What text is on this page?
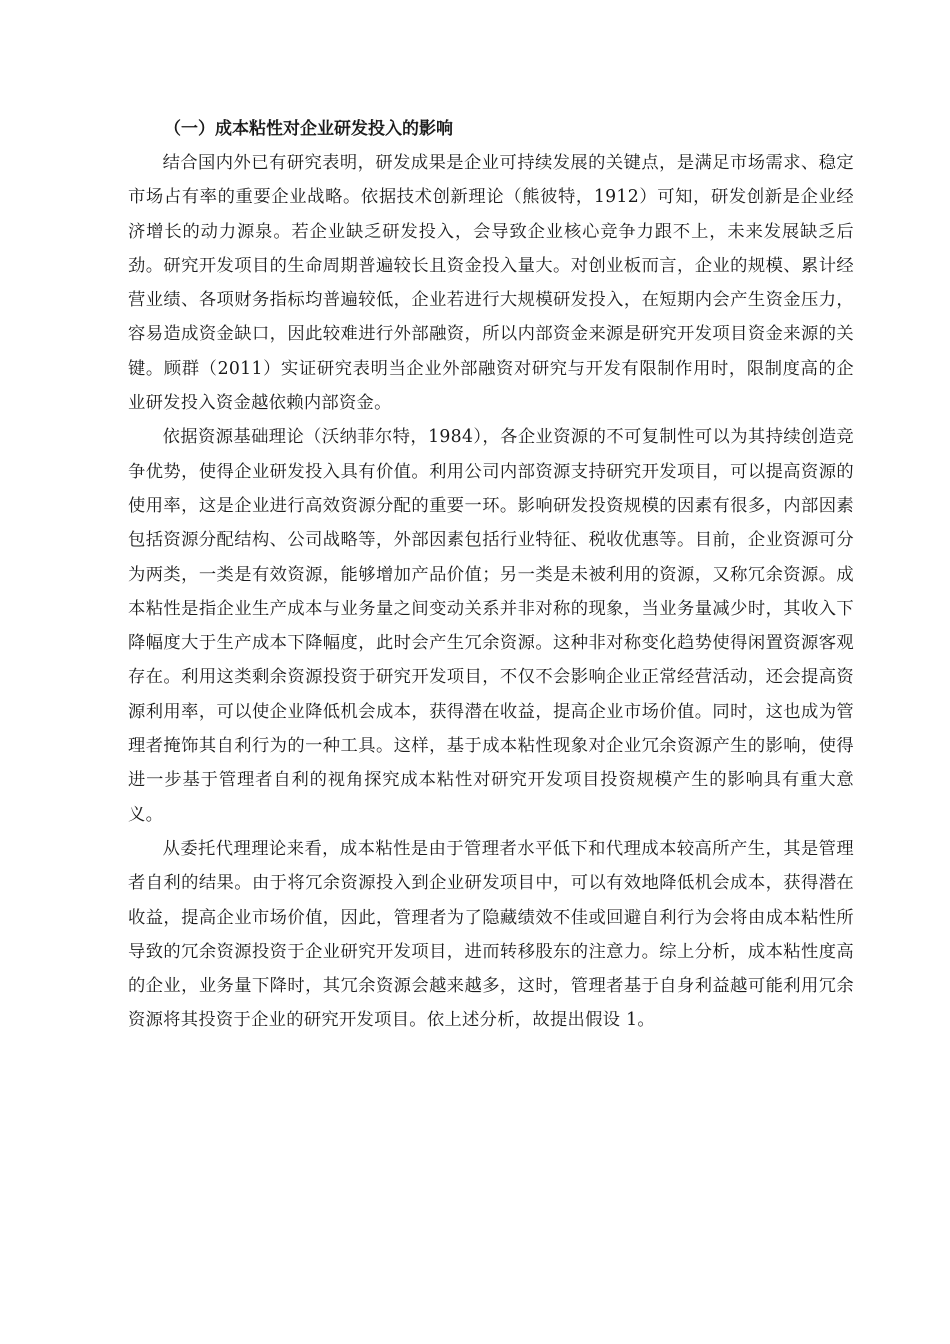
（一）成本粘性对企业研发投入的影响

结合国内外已有研究表明，研发成果是企业可持续发展的关键点，是满足市场需求、稳定市场占有率的重要企业战略。依据技术创新理论（熊彼特，1912）可知，研发创新是企业经济增长的动力源泉。若企业缺乏研发投入，会导致企业核心竞争力跟不上，未来发展缺乏后劲。研究开发项目的生命周期普遍较长且资金投入量大。对创业板而言，企业的规模、累计经营业绩、各项财务指标均普遍较低，企业若进行大规模研发投入，在短期内会产生资金压力，容易造成资金缺口，因此较难进行外部融资，所以内部资金来源是研究开发项目资金来源的关键。顾群（2011）实证研究表明当企业外部融资对研究与开发有限制作用时，限制度高的企业研发投入资金越依赖内部资金。

依据资源基础理论（沃纳菲尔特，1984），各企业资源的不可复制性可以为其持续创造竞争优势，使得企业研发投入具有价值。利用公司内部资源支持研究开发项目，可以提高资源的使用率，这是企业进行高效资源分配的重要一环。影响研发投资规模的因素有很多，内部因素包括资源分配结构、公司战略等，外部因素包括行业特征、税收优惠等。目前，企业资源可分为两类，一类是有效资源，能够增加产品价值；另一类是未被利用的资源，又称冗余资源。成本粘性是指企业生产成本与业务量之间变动关系并非对称的现象，当业务量减少时，其收入下降幅度大于生产成本下降幅度，此时会产生冗余资源。这种非对称变化趋势使得闲置资源客观存在。利用这类剩余资源投资于研究开发项目，不仅不会影响企业正常经营活动，还会提高资源利用率，可以使企业降低机会成本，获得潜在收益，提高企业市场价值。同时，这也成为管理者掩饰其自利行为的一种工具。这样，基于成本粘性现象对企业冗余资源产生的影响，使得进一步基于管理者自利的视角探究成本粘性对研究开发项目投资规模产生的影响具有重大意义。

从委托代理理论来看，成本粘性是由于管理者水平低下和代理成本较高所产生，其是管理者自利的结果。由于将冗余资源投入到企业研发项目中，可以有效地降低机会成本，获得潜在收益，提高企业市场价值，因此，管理者为了隐藏绩效不佳或回避自利行为会将由成本粘性所导致的冗余资源投资于企业研究开发项目，进而转移股东的注意力。综上分析，成本粘性度高的企业，业务量下降时，其冗余资源会越来越多，这时，管理者基于自身利益越可能利用冗余资源将其投资于企业的研究开发项目。依上述分析，故提出假设 1。
